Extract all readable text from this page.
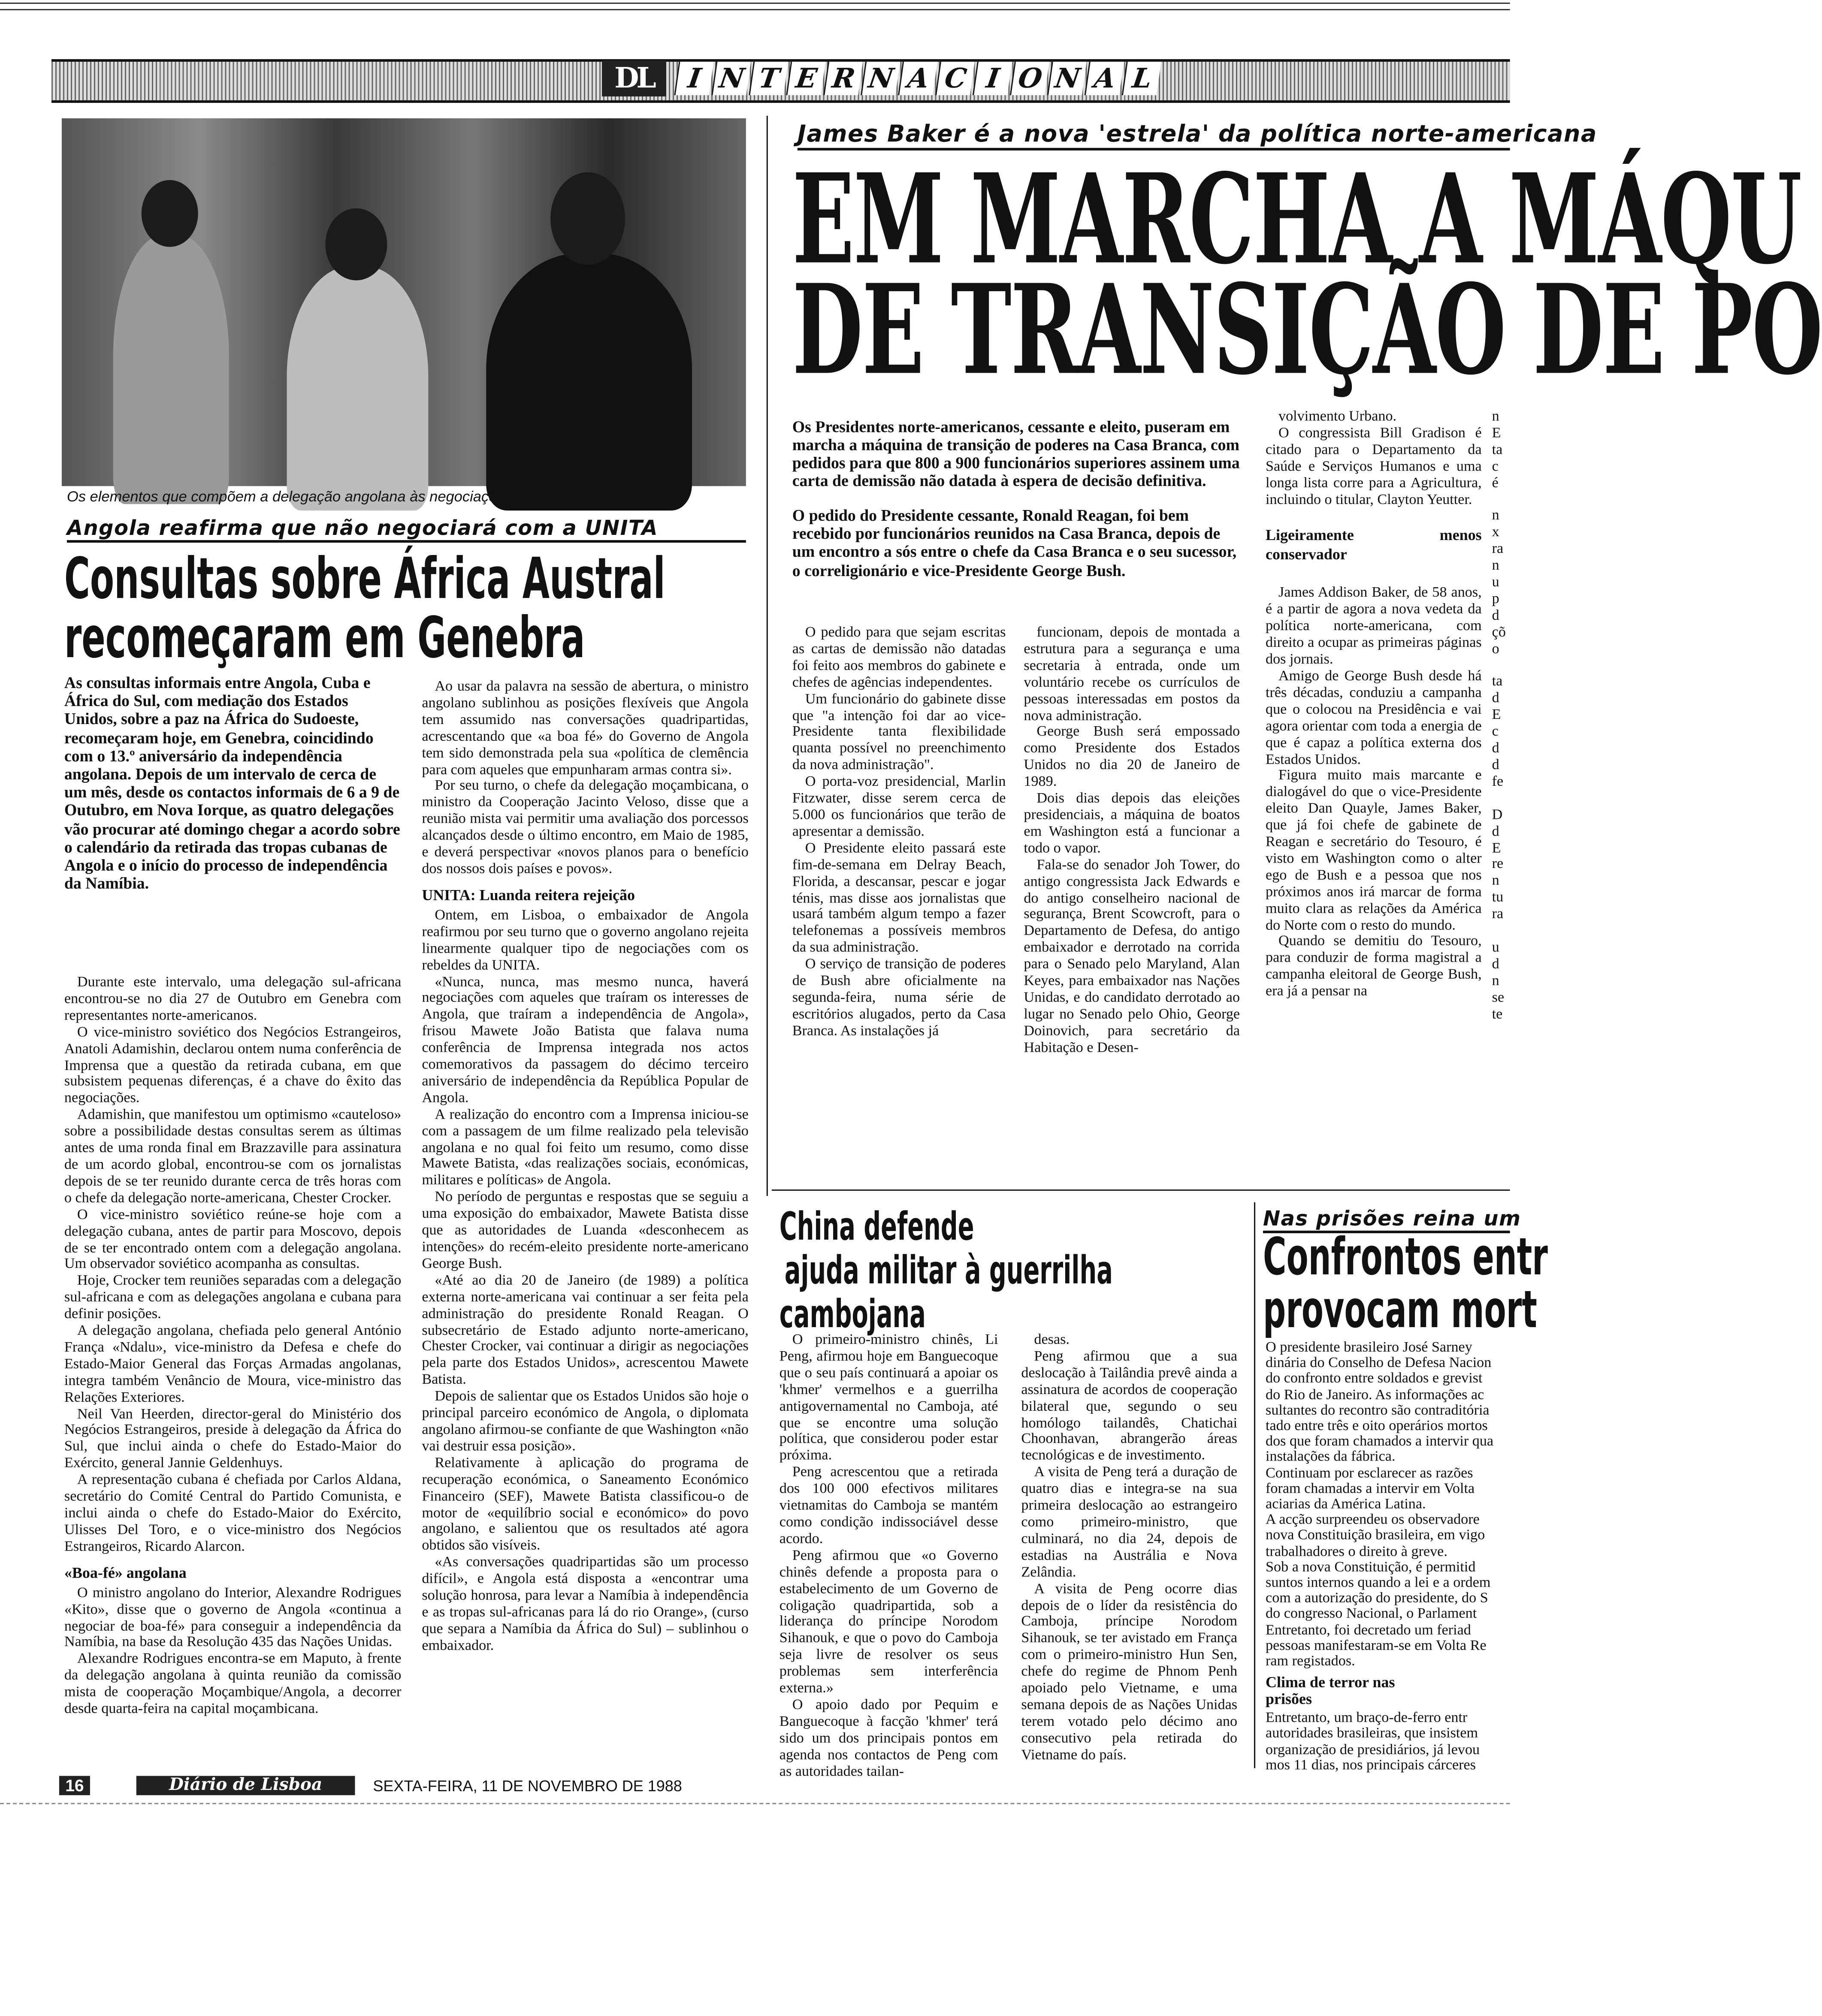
DL	I	N	T	E	R	N	A	C	I	O N	A	L
Os elementos que compõem a delegação angolana às negociações quadripartidas.
Angola reafirma que não negociará com a UNITA
Consultas sobre África Austral
recomeçaram em Genebra
As consultas informais entre Angola, Cuba e África do Sul, com mediação dos Estados Unidos, sobre a paz na África do Sudoeste, recomeçaram hoje, em Genebra, coincidindo com o 13.º aniversário da independência angolana. Depois de um intervalo de cerca de um mês, desde os contactos informais de 6 a 9 de Outubro, em Nova Iorque, as quatro delegações vão procurar até domingo chegar a acordo sobre o calendário da retirada das tropas cubanas de Angola e o início do processo de independência da Namíbia.

Durante este intervalo, uma delegação sul-africana encontrou-se no dia 27 de Outubro em Genebra com representantes norte-americanos.

O vice-ministro soviético dos Negócios Estrangeiros, Anatoli Adamishin, declarou ontem numa conferência de Imprensa que a questão da retirada cubana, em que subsistem pequenas diferenças, é a chave do êxito das negociações.

Adamishin, que manifestou um optimismo «cauteloso» sobre a possibilidade destas consultas serem as últimas antes de uma ronda final em Brazzaville para assinatura de um acordo global, encontrou-se com os jornalistas depois de se ter reunido durante cerca de três horas com o chefe da delegação norte-americana, Chester Crocker.

O vice-ministro soviético reúne-se hoje com a delegação cubana, antes de partir para Moscovo, depois de se ter encontrado ontem com a delegação angolana. Um observador soviético acompanha as consultas.

Hoje, Crocker tem reuniões separadas com a delegação sul-africana e com as delegações angolana e cubana para definir posições.

A delegação angolana, chefiada pelo general António França «Ndalu», vice-ministro da Defesa e chefe do Estado-Maior General das Forças Armadas angolanas, integra também Venâncio de Moura, vice-ministro das Relações Exteriores.

Neil Van Heerden, director-geral do Ministério dos Negócios Estrangeiros, preside à delegação da África do Sul, que inclui ainda o chefe do Estado-Maior do Exército, general Jannie Geldenhuys.

A representação cubana é chefiada por Carlos Aldana, secretário do Comité Central do Partido Comunista, e inclui ainda o chefe do Estado-Maior do Exército, Ulisses Del Toro, e o vice-ministro dos Negócios Estrangeiros, Ricardo Alarcon.

«Boa-fé» angolana

O ministro angolano do Interior, Alexandre Rodrigues «Kito», disse que o governo de Angola «continua a negociar de boa-fé» para conseguir a independência da Namíbia, na base da Resolução 435 das Nações Unidas.

Alexandre Rodrigues encontra-se em Maputo, à frente da delegação angolana à quinta reunião da comissão mista de cooperação Moçambique/Angola, a decorrer desde quarta-feira na capital moçambicana.

Ao usar da palavra na sessão de abertura, o ministro angolano sublinhou as posições flexíveis que Angola tem assumido nas conversações quadripartidas, acrescentando que «a boa fé» do Governo de Angola tem sido demonstrada pela sua «política de clemência para com aqueles que empunharam armas contra si».

Por seu turno, o chefe da delegação moçambicana, o ministro da Cooperação Jacinto Veloso, disse que a reunião mista vai permitir uma avaliação dos porcessos alcançados desde o último encontro, em Maio de 1985, e deverá perspectivar «novos planos para o benefício dos nossos dois países e povos».

UNITA: Luanda reitera rejeição

Ontem, em Lisboa, o embaixador de Angola reafirmou por seu turno que o governo angolano rejeita linearmente qualquer tipo de negociações com os rebeldes da UNITA.

«Nunca, nunca, mas mesmo nunca, haverá negociações com aqueles que traíram os interesses de Angola, que traíram a independência de Angola», frisou Mawete João Batista que falava numa conferência de Imprensa integrada nos actos comemorativos da passagem do décimo terceiro aniversário de independência da República Popular de Angola.

A realização do encontro com a Imprensa iniciou-se com a passagem de um filme realizado pela televisão angolana e no qual foi feito um resumo, como disse Mawete Batista, «das realizações sociais, económicas, militares e políticas» de Angola.

No período de perguntas e respostas que se seguiu a uma exposição do embaixador, Mawete Batista disse que as autoridades de Luanda «desconhecem as intenções» do recém-eleito presidente norte-americano George Bush.

«Até ao dia 20 de Janeiro (de 1989) a política externa norte-americana vai continuar a ser feita pela administração do presidente Ronald Reagan. O subsecretário de Estado adjunto norte-americano, Chester Crocker, vai continuar a dirigir as negociações pela parte dos Estados Unidos», acrescentou Mawete Batista.

Depois de salientar que os Estados Unidos são hoje o principal parceiro económico de Angola, o diplomata angolano afirmou-se confiante de que Washington «não vai destruir essa posição».

Relativamente à aplicação do programa de recuperação económica, o Saneamento Económico Financeiro (SEF), Mawete Batista classificou-o de motor de «equilíbrio social e económico» do povo angolano, e salientou que os resultados até agora obtidos são visíveis.

«As conversações quadripartidas são um processo difícil», e Angola está disposta a «encontrar uma solução honrosa, para levar a Namíbia à independência e as tropas sul-africanas para lá do rio Orange», (curso que separa a Namíbia da África do Sul) – sublinhou o embaixador.

James Baker é a nova 'estrela' da política norte-americana
EM MARCHA A MÁQU
DE TRANSIÇÃO DE PO

Os Presidentes norte-americanos, cessante e eleito, puseram em marcha a máquina de transição de poderes na Casa Branca, com pedidos para que 800 a 900 funcionários superiores assinem uma carta de demissão não datada à espera de decisão definitiva.

O pedido do Presidente cessante, Ronald Reagan, foi bem recebido por funcionários reunidos na Casa Branca, depois de um encontro a sós entre o chefe da Casa Branca e o seu sucessor, o correligionário e vice-Presidente George Bush.

O pedido para que sejam escritas as cartas de demissão não datadas foi feito aos membros do gabinete e chefes de agências independentes.

Um funcionário do gabinete disse que "a intenção foi dar ao vice-Presidente tanta flexibilidade quanta possível no preenchimento da nova administração".

O porta-voz presidencial, Marlin Fitzwater, disse serem cerca de 5.000 os funcionários que terão de apresentar a demissão.

O Presidente eleito passará este fim-de-semana em Delray Beach, Florida, a descansar, pescar e jogar ténis, mas disse aos jornalistas que usará também algum tempo a fazer telefonemas a possíveis membros da sua administração.

O serviço de transição de poderes de Bush abre oficialmente na segunda-feira, numa série de escritórios alugados, perto da Casa Branca. As instalações já

funcionam, depois de montada a estrutura para a segurança e uma secretaria à entrada, onde um voluntário recebe os currículos de pessoas interessadas em postos da nova administração.

George Bush será empossado como Presidente dos Estados Unidos no dia 20 de Janeiro de 1989.

Dois dias depois das eleições presidenciais, a máquina de boatos em Washington está a funcionar a todo o vapor.

Fala-se do senador Joh Tower, do antigo congressista Jack Edwards e do antigo conselheiro nacional de segurança, Brent Scowcroft, para o Departamento de Defesa, do antigo embaixador e derrotado na corrida para o Senado pelo Maryland, Alan Keyes, para embaixador nas Nações Unidas, e do candidato derrotado ao lugar no Senado pelo Ohio, George Doinovich, para secretário da Habitação e Desen-

volvimento Urbano.

O congressista Bill Gradison é citado para o Departamento da Saúde e Serviços Humanos e uma longa lista corre para a Agricultura, incluindo o titular, Clayton Yeutter.

Ligeiramente menos conservador

James Addison Baker, de 58 anos, é a partir de agora a nova vedeta da política norte-americana, com direito a ocupar as primeiras páginas dos jornais.

Amigo de George Bush desde há três décadas, conduziu a campanha que o colocou na Presidência e vai agora orientar com toda a energia de que é capaz a política externa dos Estados Unidos.

Figura muito mais marcante e dialogável do que o vice-Presidente eleito Dan Quayle, James Baker, que já foi chefe de gabinete de Reagan e secretário do Tesouro, é visto em Washington como o alter ego de Bush e a pessoa que nos próximos anos irá marcar de forma muito clara as relações da América do Norte com o resto do mundo.

Quando se demitiu do Tesouro, para conduzir de forma magistral a campanha eleitoral de George Bush, era já a pensar na

n
E
ta
c
é
n
x
ra
n
u
p
d
çõ
o
ta
d
E
c
d
d
fe
D
d
E
re
n
tu
ra
u
d
n
se
te
China defende
ajuda militar à guerrilha
cambojana

O primeiro-ministro chinês, Li Peng, afirmou hoje em Banguecoque que o seu país continuará a apoiar os 'khmer' vermelhos e a guerrilha antigovernamental no Camboja, até que se encontre uma solução política, que considerou poder estar próxima.

Peng acrescentou que a retirada dos 100 000 efectivos militares vietnamitas do Camboja se mantém como condição indissociável desse acordo.

Peng afirmou que «o Governo chinês defende a proposta para o estabelecimento de um Governo de coligação quadripartida, sob a liderança do príncipe Norodom Sihanouk, e que o povo do Camboja seja livre de resolver os seus problemas sem interferência externa.»

O apoio dado por Pequim e Banguecoque à facção 'khmer' terá sido um dos principais pontos em agenda nos contactos de Peng com as autoridades tailan-

desas.

Peng afirmou que a sua deslocação à Tailândia prevê ainda a assinatura de acordos de cooperação bilateral que, segundo o seu homólogo tailandês, Chatichai Choonhavan, abrangerão áreas tecnológicas e de investimento.

A visita de Peng terá a duração de quatro dias e integra-se na sua primeira deslocação ao estrangeiro como primeiro-ministro, que culminará, no dia 24, depois de estadias na Austrália e Nova Zelândia.

A visita de Peng ocorre dias depois de o líder da resistência do Camboja, príncipe Norodom Sihanouk, se ter avistado em França com o primeiro-ministro Hun Sen, chefe do regime de Phnom Penh apoiado pelo Vietname, e uma semana depois de as Nações Unidas terem votado pelo décimo ano consecutivo pela retirada do Vietname do país.

Nas prisões reina um
Confrontos entr
provocam mort
O presidente brasileiro José Sarney
dinária do Conselho de Defesa Nacion
do confronto entre soldados e grevist
do Rio de Janeiro. As informações ac
sultantes do recontro são contraditória
tado entre três e oito operários mortos
dos que foram chamados a intervir qua
instalações da fábrica.
Continuam por esclarecer as razões
foram chamadas a intervir em Volta
aciarias da América Latina.
A acção surpreendeu os observadore
nova Constituição brasileira, em vigo
trabalhadores o direito à greve.
Sob a nova Constituição, é permitid
suntos internos quando a lei e a ordem
com a autorização do presidente, do S
do congresso Nacional, o Parlament
Entretanto, foi decretado um feriad
pessoas manifestaram-se em Volta Re
ram registados.
Clima de terror nas prisões
Entretanto, um braço-de-ferro entr
autoridades brasileiras, que insistem
organização de presidiários, já levou
mos 11 dias, nos principais cárceres
16	Diário de Lisboa	SEXTA-FEIRA, 11 DE NOVEMBRO DE 1988
